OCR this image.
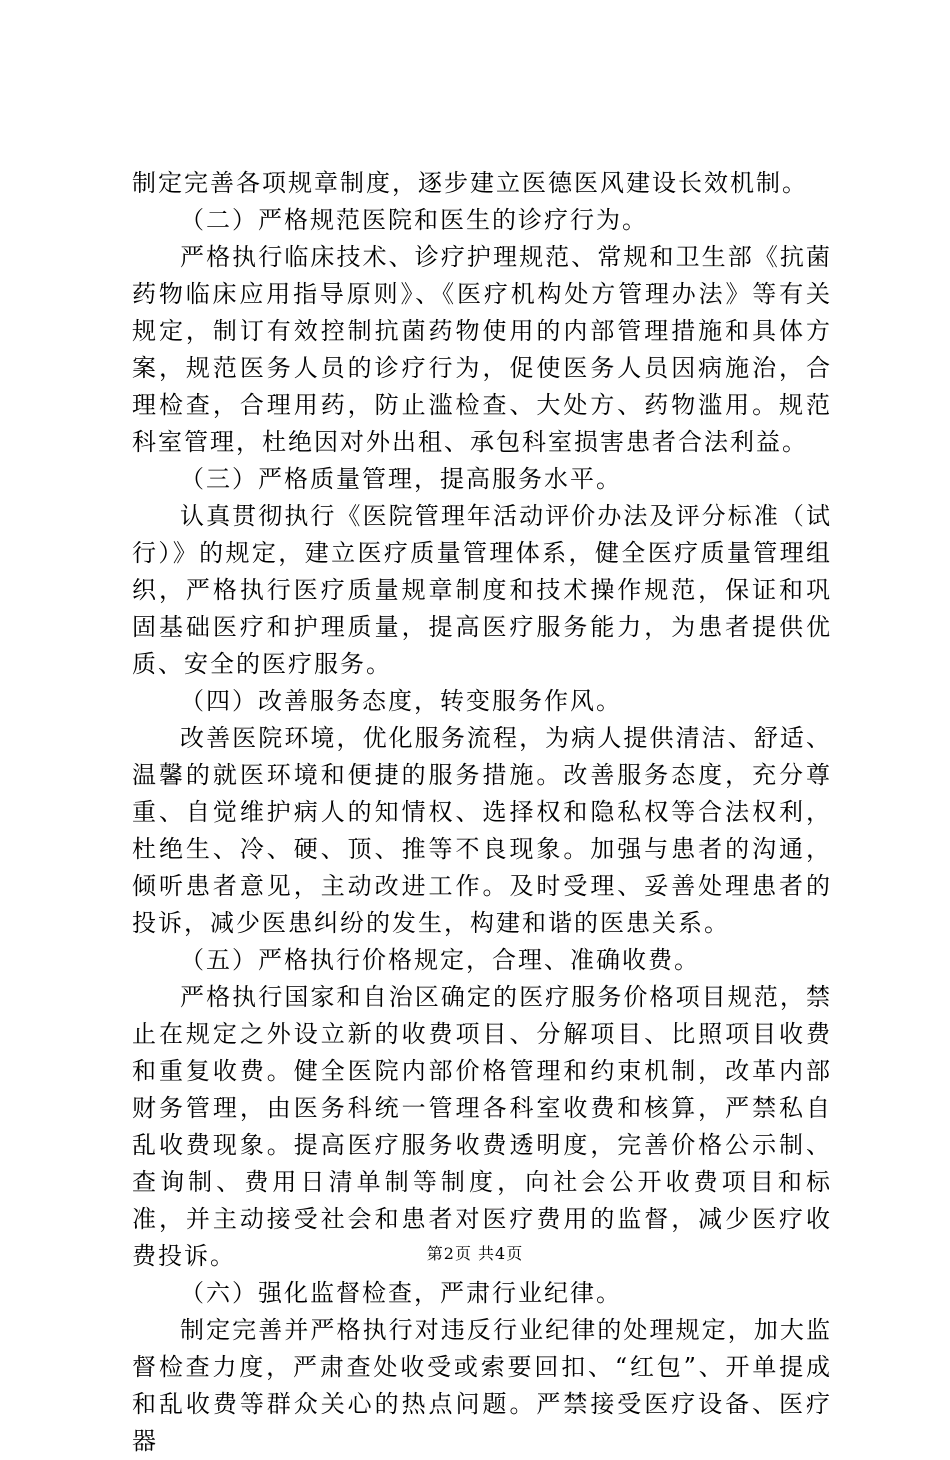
制定完善各项规章制度，逐步建立医德医风建设长效机制。

（二）严格规范医院和医生的诊疗行为。

严格执行临床技术、诊疗护理规范、常规和卫生部《抗菌药物临床应用指导原则》、《医疗机构处方管理办法》等有关规定，制订有效控制抗菌药物使用的内部管理措施和具体方案，规范医务人员的诊疗行为，促使医务人员因病施治，合理检查，合理用药，防止滥检查、大处方、药物滥用。规范科室管理，杜绝因对外出租、承包科室损害患者合法利益。

（三）严格质量管理，提高服务水平。

认真贯彻执行《医院管理年活动评价办法及评分标准（试行）》的规定，建立医疗质量管理体系，健全医疗质量管理组织，严格执行医疗质量规章制度和技术操作规范，保证和巩固基础医疗和护理质量，提高医疗服务能力，为患者提供优质、安全的医疗服务。

（四）改善服务态度，转变服务作风。

改善医院环境，优化服务流程，为病人提供清洁、舒适、温馨的就医环境和便捷的服务措施。改善服务态度，充分尊重、自觉维护病人的知情权、选择权和隐私权等合法权利，杜绝生、冷、硬、顶、推等不良现象。加强与患者的沟通，倾听患者意见，主动改进工作。及时受理、妥善处理患者的投诉，减少医患纠纷的发生，构建和谐的医患关系。

（五）严格执行价格规定，合理、准确收费。

严格执行国家和自治区确定的医疗服务价格项目规范，禁止在规定之外设立新的收费项目、分解项目、比照项目收费和重复收费。健全医院内部价格管理和约束机制，改革内部财务管理，由医务科统一管理各科室收费和核算，严禁私自乱收费现象。提高医疗服务收费透明度，完善价格公示制、查询制、费用日清单制等制度，向社会公开收费项目和标准，并主动接受社会和患者对医疗费用的监督，减少医疗收费投诉。

（六）强化监督检查，严肃行业纪律。

制定完善并严格执行对违反行业纪律的处理规定，加大监督检查力度，严肃查处收受或索要回扣、“红包”、开单提成和乱收费等群众关心的热点问题。严禁接受医疗设备、医疗器

第2页 共4页
